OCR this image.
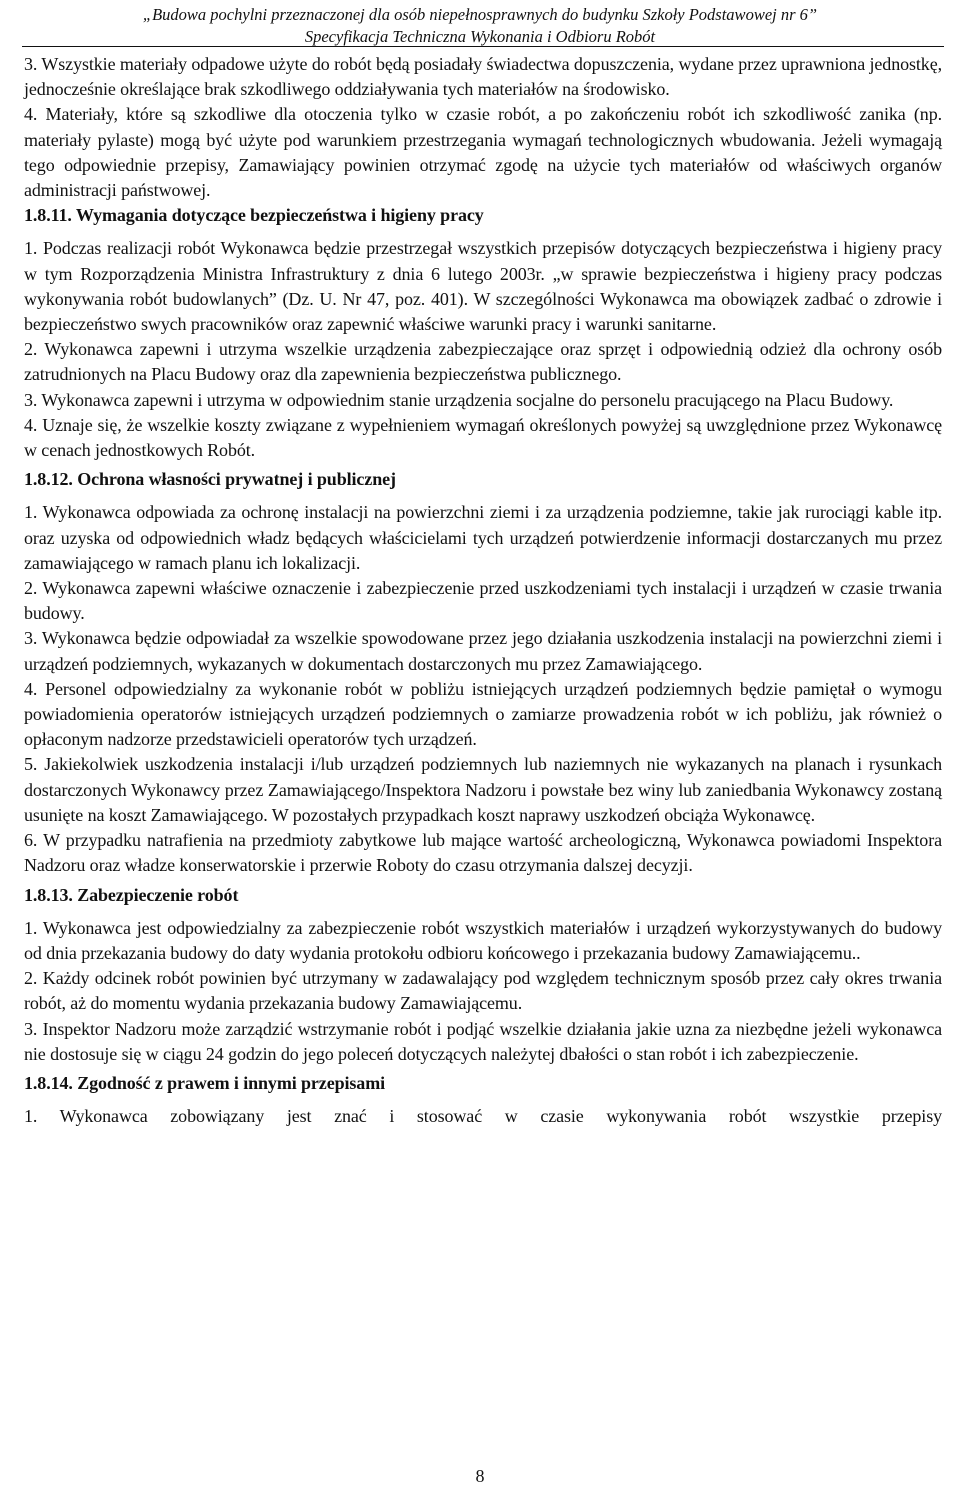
„Budowa pochylni przeznaczonej dla osób niepełnosprawnych do budynku Szkoły Podstawowej nr 6”
Specyfikacja Techniczna Wykonania i Odbioru Robót

3. Wszystkie materiały odpadowe użyte do robót będą posiadały świadectwa dopuszczenia, wydane przez uprawniona jednostkę, jednocześnie określające brak szkodliwego oddziaływania tych materiałów na środowisko.

4. Materiały, które są szkodliwe dla otoczenia tylko w czasie robót, a po zakończeniu robót ich szkodliwość zanika (np. materiały pylaste) mogą być użyte pod warunkiem przestrzegania wymagań technologicznych wbudowania. Jeżeli wymagają tego odpowiednie przepisy, Zamawiający powinien otrzymać zgodę na użycie tych materiałów od właściwych organów administracji państwowej.

1.8.11. Wymagania dotyczące bezpieczeństwa i higieny pracy

1. Podczas realizacji robót Wykonawca będzie przestrzegał wszystkich przepisów dotyczących bezpieczeństwa i higieny pracy w tym Rozporządzenia Ministra Infrastruktury z dnia 6 lutego 2003r. „w sprawie bezpieczeństwa i higieny pracy podczas wykonywania robót budowlanych” (Dz. U. Nr 47, poz. 401). W szczególności Wykonawca ma obowiązek zadbać o zdrowie i bezpieczeństwo swych pracowników oraz zapewnić właściwe warunki pracy i warunki sanitarne.

2. Wykonawca zapewni i utrzyma wszelkie urządzenia zabezpieczające oraz sprzęt i odpowiednią odzież dla ochrony osób zatrudnionych na Placu Budowy oraz dla zapewnienia bezpieczeństwa publicznego.

3. Wykonawca zapewni i utrzyma w odpowiednim stanie urządzenia socjalne do personelu pracującego na Placu Budowy.

4. Uznaje się, że wszelkie koszty związane z wypełnieniem wymagań określonych powyżej są uwzględnione przez Wykonawcę w cenach jednostkowych Robót.

1.8.12. Ochrona własności prywatnej i publicznej

1. Wykonawca odpowiada za ochronę instalacji na powierzchni ziemi i za urządzenia podziemne, takie jak rurociągi kable itp. oraz uzyska od odpowiednich władz będących właścicielami tych urządzeń potwierdzenie informacji dostarczanych mu przez zamawiającego w ramach planu ich lokalizacji.

2. Wykonawca zapewni właściwe oznaczenie i zabezpieczenie przed uszkodzeniami tych instalacji i urządzeń w czasie trwania budowy.

3. Wykonawca będzie odpowiadał za wszelkie spowodowane przez jego działania uszkodzenia instalacji na powierzchni ziemi i urządzeń podziemnych, wykazanych w dokumentach dostarczonych mu przez Zamawiającego.

4. Personel odpowiedzialny za wykonanie robót w pobliżu istniejących urządzeń podziemnych będzie pamiętał o wymogu powiadomienia operatorów istniejących urządzeń podziemnych o zamiarze prowadzenia robót w ich pobliżu, jak również o opłaconym nadzorze przedstawicieli operatorów tych urządzeń.

5. Jakiekolwiek uszkodzenia instalacji i/lub urządzeń podziemnych lub naziemnych nie wykazanych na planach i rysunkach dostarczonych Wykonawcy przez Zamawiającego/Inspektora Nadzoru i powstałe bez winy lub zaniedbania Wykonawcy zostaną usunięte na koszt Zamawiającego. W pozostałych przypadkach koszt naprawy uszkodzeń obciąża Wykonawcę.

6. W przypadku natrafienia na przedmioty zabytkowe lub mające wartość archeologiczną, Wykonawca powiadomi Inspektora Nadzoru oraz władze konserwatorskie i przerwie Roboty do czasu otrzymania dalszej decyzji.

1.8.13. Zabezpieczenie robót

1. Wykonawca jest odpowiedzialny za zabezpieczenie robót wszystkich materiałów i urządzeń wykorzystywanych do budowy od dnia przekazania budowy do daty wydania protokołu odbioru końcowego i przekazania budowy Zamawiającemu..

2. Każdy odcinek robót powinien być utrzymany w zadawalający pod względem technicznym sposób przez cały okres trwania robót, aż do momentu wydania przekazania budowy Zamawiającemu.

3. Inspektor Nadzoru może zarządzić wstrzymanie robót i podjąć wszelkie działania jakie uzna za niezbędne jeżeli wykonawca nie dostosuje się w ciągu 24 godzin do jego poleceń dotyczących należytej dbałości o stan robót i ich zabezpieczenie.

1.8.14. Zgodność z prawem i innymi przepisami

1. Wykonawca zobowiązany jest znać i stosować w czasie wykonywania robót wszystkie przepisy

8
